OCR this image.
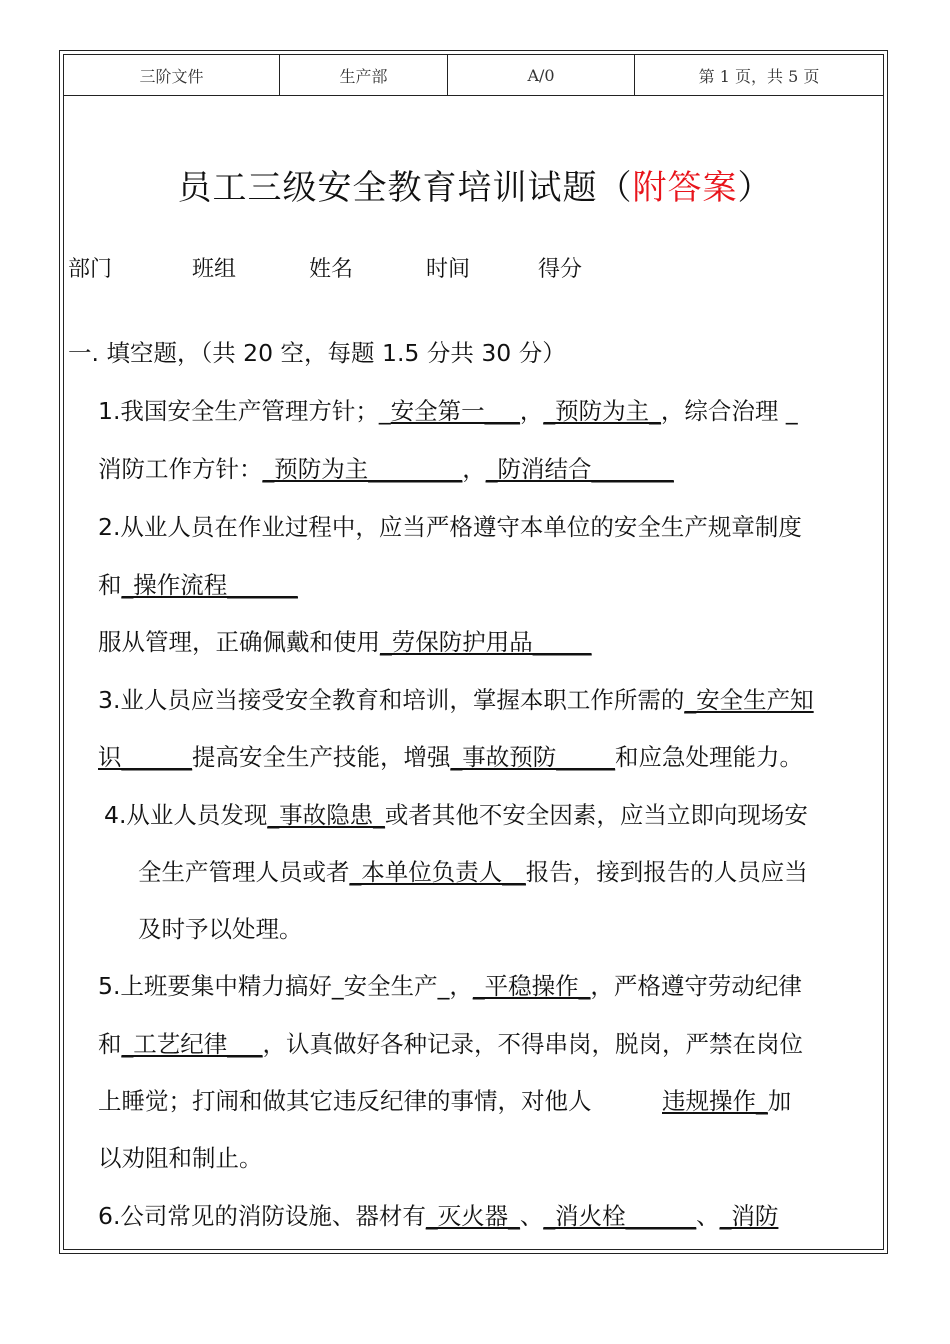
三阶文件	生产部	A/0	第 1 页，共 5 页
员工三级安全教育培训试题（附答案）
部门	班组	姓名	时间	得分
一. 填空题，（共 20 空，每题 1.5 分共 30 分）
1.我国安全生产管理方针；_安全第一___，_预防为主_，综合治理 _
消防工作方针：_预防为主________，_防消结合_______
2.从业人员在作业过程中，应当严格遵守本单位的安全生产规章制度
和_操作流程______
服从管理，正确佩戴和使用_劳保防护用品_____
3.业人员应当接受安全教育和培训，掌握本职工作所需的_安全生产知
识______提高安全生产技能，增强_事故预防_____和应急处理能力。
4.从业人员发现_事故隐患_或者其他不安全因素，应当立即向现场安
全生产管理人员或者_本单位负责人__报告，接到报告的人员应当
及时予以处理。
5.上班要集中精力搞好_安全生产_，_平稳操作_，严格遵守劳动纪律
和_工艺纪律___，认真做好各种记录，不得串岗，脱岗，严禁在岗位
上睡觉；打闹和做其它违反纪律的事情，对他人　　　违规操作_加
以劝阻和制止。
6.公司常见的消防设施、器材有_灭火器_、_消火栓______、_消防
